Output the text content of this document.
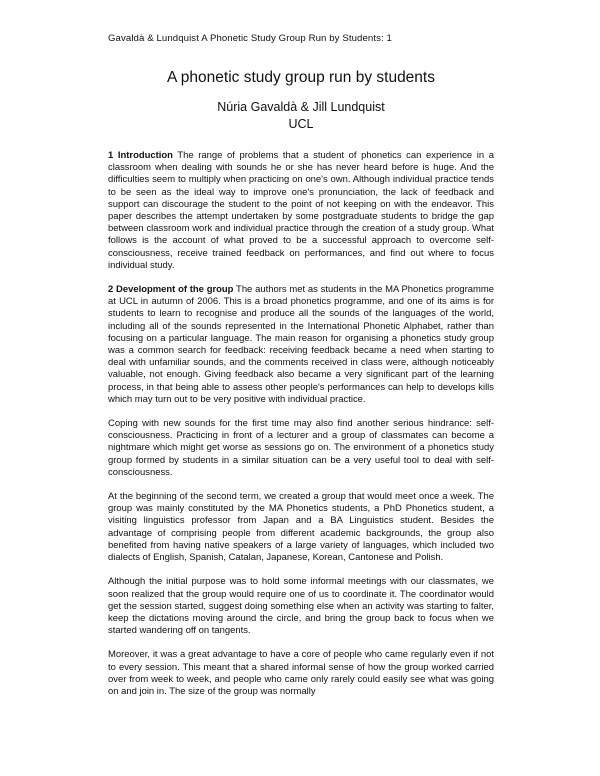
Gavaldà & Lundquist A Phonetic Study Group Run by Students: 1
A phonetic study group run by students
Núria Gavaldà & Jill Lundquist
UCL

1 Introduction The range of problems that a student of phonetics can experience in a classroom when dealing with sounds he or she has never heard before is huge. And the difficulties seem to multiply when practicing on one's own. Although individual practice tends to be seen as the ideal way to improve one's pronunciation, the lack of feedback and support can discourage the student to the point of not keeping on with the endeavor. This paper describes the attempt undertaken by some postgraduate students to bridge the gap between classroom work and individual practice through the creation of a study group. What follows is the account of what proved to be a successful approach to overcome self-consciousness, receive trained feedback on performances, and find out where to focus individual study.

2 Development of the group The authors met as students in the MA Phonetics programme at UCL in autumn of 2006. This is a broad phonetics programme, and one of its aims is for students to learn to recognise and produce all the sounds of the languages of the world, including all of the sounds represented in the International Phonetic Alphabet, rather than focusing on a particular language. The main reason for organising a phonetics study group was a common search for feedback: receiving feedback became a need when starting to deal with unfamiliar sounds, and the comments received in class were, although noticeably valuable, not enough. Giving feedback also became a very significant part of the learning process, in that being able to assess other people's performances can help to develops kills which may turn out to be very positive with individual practice.

Coping with new sounds for the first time may also find another serious hindrance: self-consciousness. Practicing in front of a lecturer and a group of classmates can become a nightmare which might get worse as sessions go on. The environment of a phonetics study group formed by students in a similar situation can be a very useful tool to deal with self-consciousness.

At the beginning of the second term, we created a group that would meet once a week. The group was mainly constituted by the MA Phonetics students, a PhD Phonetics student, a visiting linguistics professor from Japan and a BA Linguistics student. Besides the advantage of comprising people from different academic backgrounds, the group also benefited from having native speakers of a large variety of languages, which included two dialects of English, Spanish, Catalan, Japanese, Korean, Cantonese and Polish.

Although the initial purpose was to hold some informal meetings with our classmates, we soon realized that the group would require one of us to coordinate it. The coordinator would get the session started, suggest doing something else when an activity was starting to falter, keep the dictations moving around the circle, and bring the group back to focus when we started wandering off on tangents.

Moreover, it was a great advantage to have a core of people who came regularly even if not to every session. This meant that a shared informal sense of how the group worked carried over from week to week, and people who came only rarely could easily see what was going on and join in. The size of the group was normally
